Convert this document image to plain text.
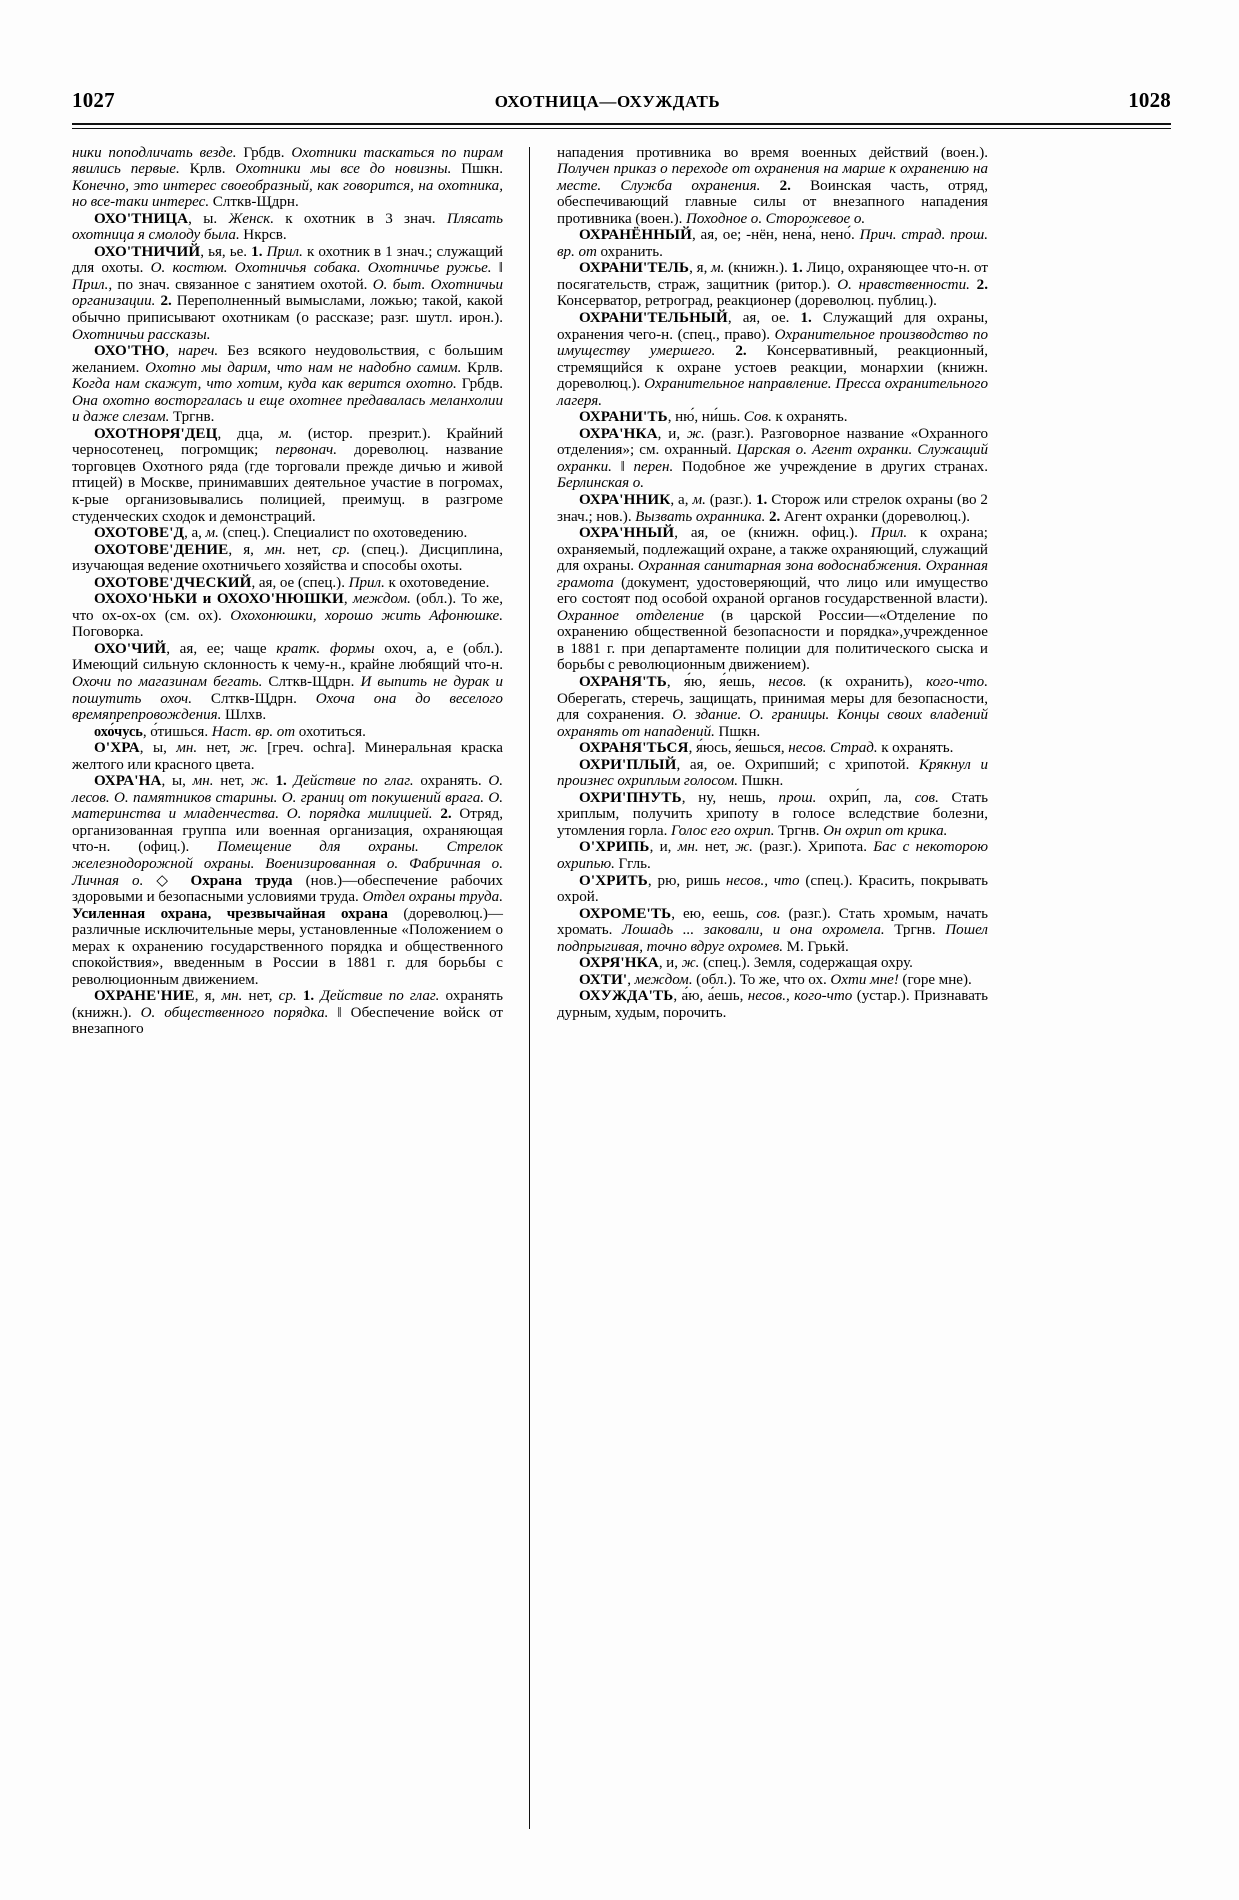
1027	ОХОТНИЦА—ОХУЖДАТЬ	1028

ники поподличать везде. Грбдв. Охотники таскаться по пирам явились первые. Крлв. Охотники мы все до новизны. Пшкн. Конечно, это интерес своеобразный, как говорится, на охотника, но все-таки интерес. Слткв-Щдрн.

ОХО'ТНИЦА, ы. Женск. к охотник в 3 знач. Плясать охотница я смолоду была. Нкрсв.

ОХО'ТНИЧИЙ, ья, ье. 1. Прил. к охотник в 1 знач.; служащий для охоты. О. костюм. Охотничья собака. Охотничье ружье. ‖ Прил., по знач. связанное с занятием охотой. О. быт. Охотничьи организации. 2. Переполненный вымыслами, ложью; такой, какой обычно приписывают охотникам (о рассказе; разг. шутл. ирон.). Охотничьи рассказы.

ОХО'ТНО, нареч. Без всякого неудовольствия, с большим желанием. Охотно мы дарим, что нам не надобно самим. Крлв. Когда нам скажут, что хотим, куда как верится охотно. Грбдв. Она охотно восторгалась и еще охотнее предавалась меланхолии и даже слезам. Тргнв.

ОХОТНОРЯ'ДЕЦ, дца, м. (истор. презрит.). Крайний черносотенец, погромщик; первонач. дореволюц. название торговцев Охотного ряда (где торговали прежде дичью и живой птицей) в Москве, принимавших деятельное участие в погромах, к-рые организовывались полицией, преимущ. в разгроме студенческих сходок и демонстраций.

ОХОТОВЕ'Д, а, м. (спец.). Специалист по охотоведению.

ОХОТОВЕ'ДЕНИЕ, я, мн. нет, ср. (спец.). Дисциплина, изучающая ведение охотничьего хозяйства и способы охоты.

ОХОТОВЕ'ДЧЕСКИЙ, ая, ое (спец.). Прил. к охотоведение.

ОХОХО'НЬКИ и ОХОХО'НЮШКИ, междом. (обл.). То же, что ох-ох-ох (см. ох). Охохонюшки, хорошо жить Афонюшке. Поговорка.

ОХО'ЧИЙ, ая, ее; чаще кратк. формы охоч, а, е (обл.). Имеющий сильную склонность к чему-н., крайне любящий что-н. Охочи по магазинам бегать. Слткв-Щдрн. И выпить не дурак и пошутить охоч. Слткв-Щдрн. Охоча она до веселого времяпрепровождения. Шлхв.

охо́чусь, о́тишься. Наст. вр. от охотиться.

О'ХРА, ы, мн. нет, ж. [греч. ochra]. Минеральная краска желтого или красного цвета.

ОХРА'НА, ы, мн. нет, ж. 1. Действие по глаг. охранять. О. лесов. О. памятников старины. О. границ от покушений врага. О. материнства и младенчества. О. порядка милицией. 2. Отряд, организованная группа или военная организация, охраняющая что-н. (офиц.). Помещение для охраны. Стрелок железнодорожной охраны. Военизированная о. Фабричная о. Личная о. ◇ Охрана труда (нов.)—обеспечение рабочих здоровыми и безопасными условиями труда. Отдел охраны труда. Усиленная охрана, чрезвычайная охрана (дореволюц.)—различные исключительные меры, установленные «Положением о мерах к охранению государственного порядка и общественного спокойствия», введенным в России в 1881 г. для борьбы с революционным движением.

ОХРАНЕ'НИЕ, я, мн. нет, ср. 1. Действие по глаг. охранять (книжн.). О. общественного порядка. ‖ Обеспечение войск от внезапного

нападения противника во время военных действий (воен.). Получен приказ о переходе от охранения на марше к охранению на месте. Служба охранения. 2. Воинская часть, отряд, обеспечивающий главные силы от внезапного нападения противника (воен.). Походное о. Сторожевое о.

ОХРАНЁННЫЙ, ая, ое; -нён, нена́, нено́. Прич. страд. прош. вр. от охранить.

ОХРАНИ'ТЕЛЬ, я, м. (книжн.). 1. Лицо, охраняющее что-н. от посягательств, страж, защитник (ритор.). О. нравственности. 2. Консерватор, ретроград, реакционер (дореволюц. публиц.).

ОХРАНИ'ТЕЛЬНЫЙ, ая, ое. 1. Служащий для охраны, охранения чего-н. (спец., право). Охранительное производство по имуществу умершего. 2. Консервативный, реакционный, стремящийся к охране устоев реакции, монархии (книжн. дореволюц.). Охранительное направление. Пресса охранительного лагеря.

ОХРАНИ'ТЬ, ню́, ни́шь. Сов. к охранять.

ОХРА'НКА, и, ж. (разг.). Разговорное название «Охранного отделения»; см. охранный. Царская о. Агент охранки. Служащий охранки. ‖ перен. Подобное же учреждение в других странах. Берлинская о.

ОХРА'ННИК, а, м. (разг.). 1. Сторож или стрелок охраны (во 2 знач.; нов.). Вызвать охранника. 2. Агент охранки (дореволюц.).

ОХРА'ННЫЙ, ая, ое (книжн. офиц.). Прил. к охрана; охраняемый, подлежащий охране, а также охраняющий, служащий для охраны. Охранная санитарная зона водоснабжения. Охранная грамота (документ, удостоверяющий, что лицо или имущество его состоят под особой охраной органов государственной власти). Охранное отделение (в царской России—«Отделение по охранению общественной безопасности и порядка»,учрежденное в 1881 г. при департаменте полиции для политического сыска и борьбы с революционным движением).

ОХРАНЯ'ТЬ, я́ю, я́ешь, несов. (к охранить), кого-что. Оберегать, стеречь, защищать, принимая меры для безопасности, для сохранения. О. здание. О. границы. Концы своих владений охранять от нападений. Пшкн.

ОХРАНЯ'ТЬСЯ, я́юсь, я́ешься, несов. Страд. к охранять.

ОХРИ'ПЛЫЙ, ая, ое. Охрипший; с хрипотой. Крякнул и произнес охриплым голосом. Пшкн.

ОХРИ'ПНУТЬ, ну, нешь, прош. охри́п, ла, сов. Стать хриплым, получить хрипоту в голосе вследствие болезни, утомления горла. Голос его охрип. Тргнв. Он охрип от крика.

О'ХРИПЬ, и, мн. нет, ж. (разг.). Хрипота. Бас с некоторою охрипью. Ггль.

О'ХРИТЬ, рю, ришь несов., что (спец.). Красить, покрывать охрой.

ОХРОМЕ'ТЬ, ею, еешь, сов. (разг.). Стать хромым, начать хромать. Лошадь ... заковали, и она охромела. Тргнв. Пошел подпрыгивая, точно вдруг охромев. М. Грькй.

ОХРЯ'НКА, и, ж. (спец.). Земля, содержащая охру.

ОХТИ', междом. (обл.). То же, что ох. Охти мне! (горе мне).

ОХУЖДА'ТЬ, а́ю, а́ешь, несов., кого-что (устар.). Признавать дурным, худым, порочить.
